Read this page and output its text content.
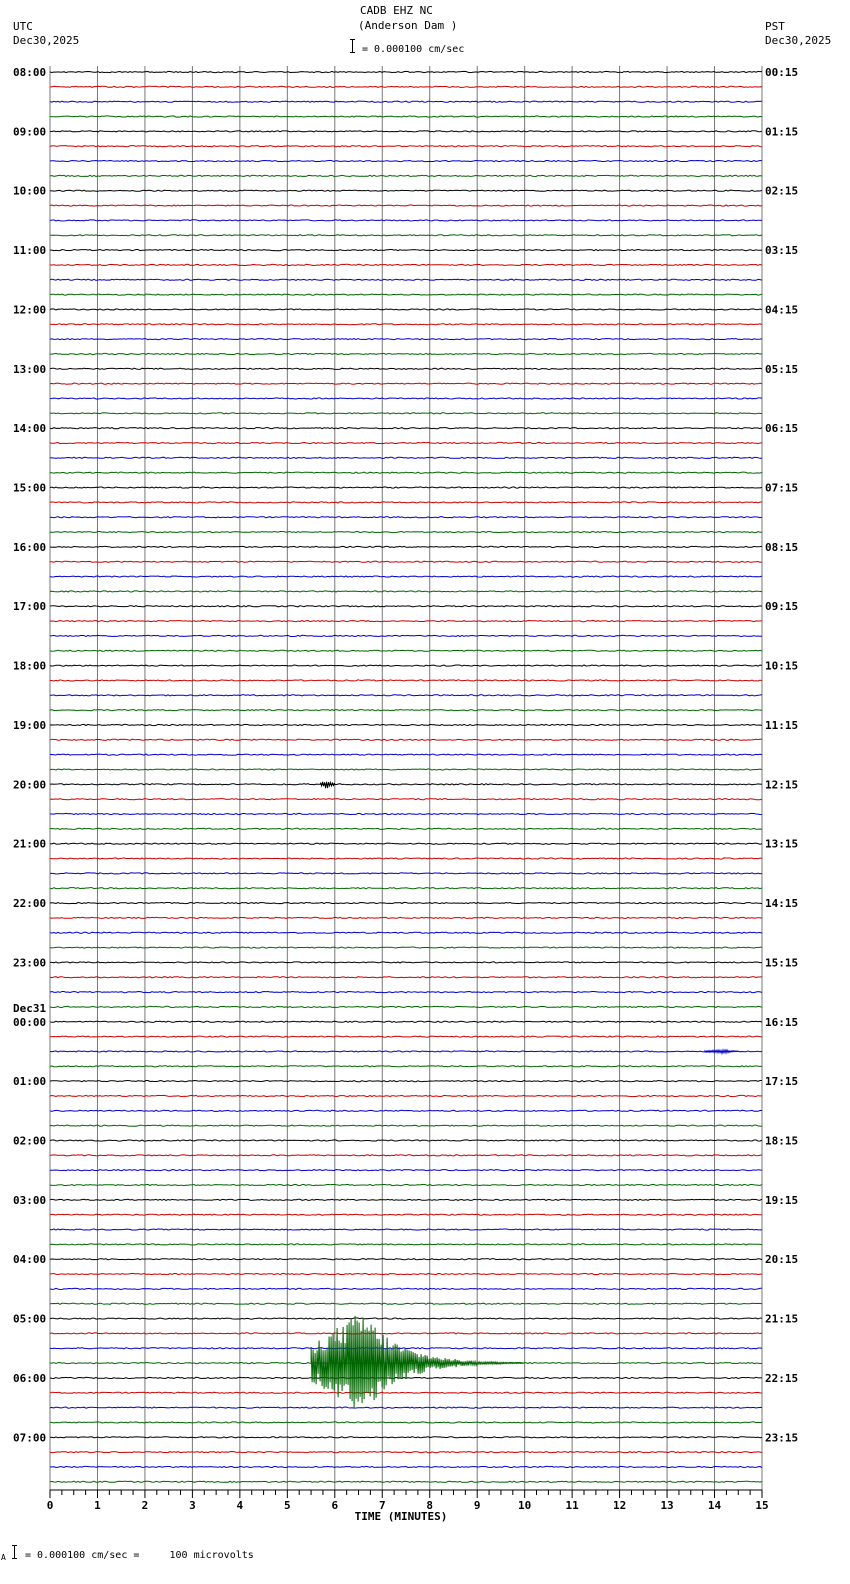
CADB EHZ NC
(Anderson Dam )
= 0.000100 cm/sec
UTC
Dec30,2025
PST
Dec30,2025
0	1	2	3	4	5	6	7	8	9	10	11	12	13	14	15
TIME (MINUTES)
08:00
09:00
10:00
11:00
12:00
13:00
14:00
15:00
16:00
17:00
18:00
19:00
20:00
21:00
22:00
23:00
00:00
Dec31
01:00
02:00
03:00
04:00
05:00
06:00
07:00
00:15
01:15
02:15
03:15
04:15
05:15
06:15
07:15
08:15
09:15
10:15
11:15
12:15
13:15
14:15
15:15
16:15
17:15
18:15
19:15
20:15
21:15
22:15
23:15
A = 0.000100 cm/sec =     100 microvolts
